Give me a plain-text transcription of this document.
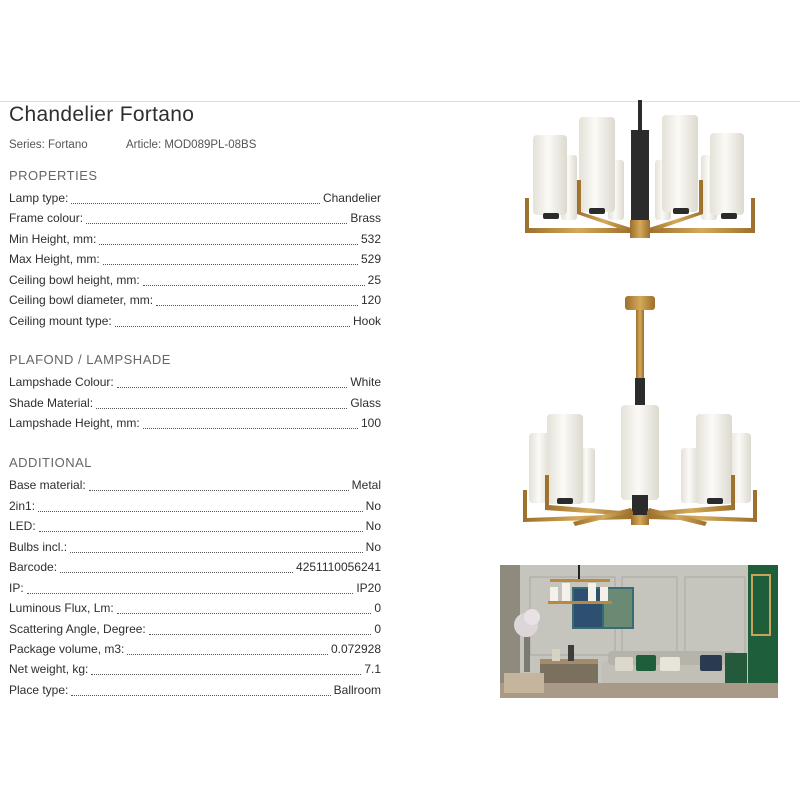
Chandelier Fortano
Series: Fortano	Article: MOD089PL-08BS
PROPERTIES
Lamp type:	Chandelier
Frame colour:	Brass
Min Height, mm:	532
Max Height, mm:	529
Ceiling bowl height, mm:	25
Ceiling bowl diameter, mm:	120
Ceiling mount type:	Hook
PLAFOND / LAMPSHADE
Lampshade Colour:	White
Shade Material:	Glass
Lampshade Height, mm:	100
ADDITIONAL
Base material:	Metal
2in1:	No
LED:	No
Bulbs incl.:	No
Barcode:	4251110056241
IP:	IP20
Luminous Flux, Lm:	0
Scattering Angle, Degree:	0
Package volume, m3:	0.072928
Net weight, kg:	7.1
Place type:	Ballroom
